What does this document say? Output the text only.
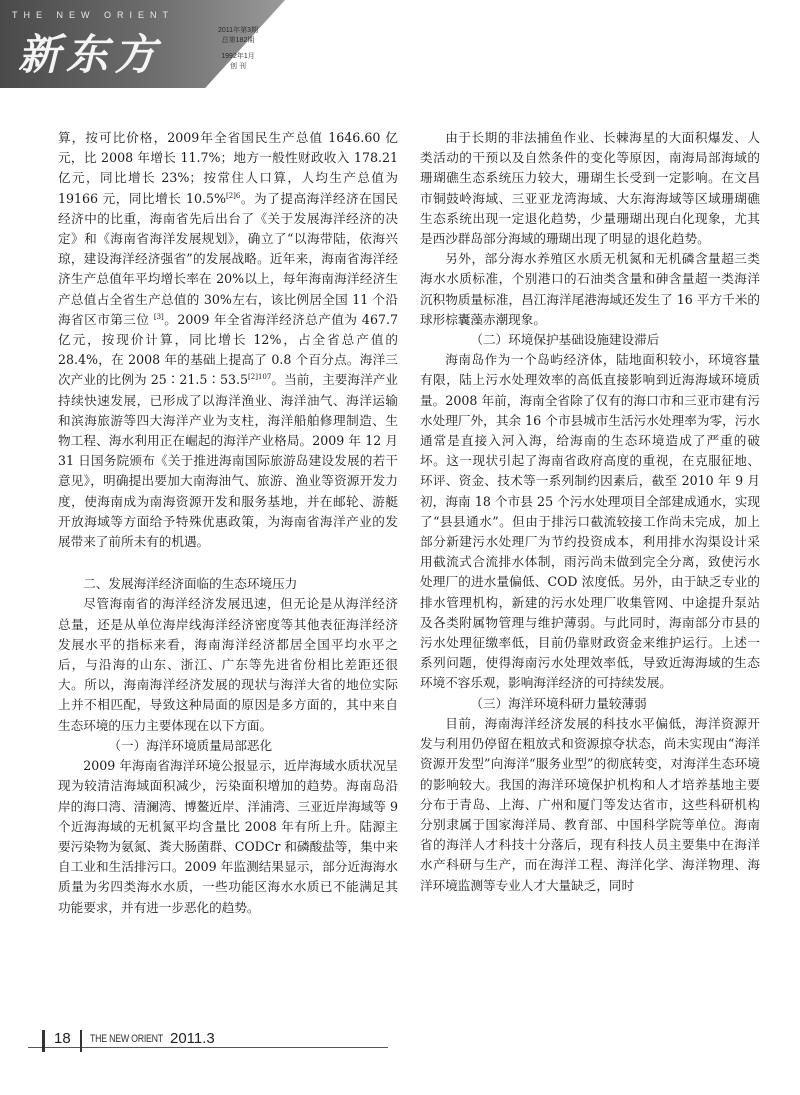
THE NEW ORIENT
新东方	2011年第3期
总第182期
1992年1月
创 刊

算，按可比价格，2009年全省国民生产总值 1646.60 亿元，比 2008 年增长 11.7%；地方一般性财政收入 178.21 亿元，同比增长 23%；按常住人口算，人均生产总值为 19166 元，同比增长 10.5%$^{[2]6}$。为了提高海洋经济在国民经济中的比重，海南省先后出台了《关于发展海洋经济的决定》和《海南省海洋发展规划》，确立了“以海带陆，依海兴琼，建设海洋经济强省”的发展战略。近年来，海南省海洋经济生产总值年平均增长率在 20%以上，每年海南海洋经济生产总值占全省生产总值的 30%左右，该比例居全国 11 个沿海省区市第三位 [3]。2009 年全省海洋经济总产值为 467.7 亿元，按现价计算，同比增长 12%，占全省总产值的 28.4%，在 2008 年的基础上提高了 0.8 个百分点。海洋三次产业的比例为 $25∶21.5∶53.5^{[2]107}$。当前，主要海洋产业持续快速发展，已形成了以海洋渔业、海洋油气、海洋运输和滨海旅游等四大海洋产业为支柱，海洋船舶修理制造、生物工程、海水利用正在崛起的海洋产业格局。2009 年 12 月 31 日国务院颁布《关于推进海南国际旅游岛建设发展的若干意见》，明确提出要加大南海油气、旅游、渔业等资源开发力度，使海南成为南海资源开发和服务基地，并在邮轮、游艇开放海域等方面给予特殊优惠政策，为海南省海洋产业的发展带来了前所未有的机遇。

二、发展海洋经济面临的生态环境压力

尽管海南省的海洋经济发展迅速，但无论是从海洋经济总量，还是从单位海岸线海洋经济密度等其他表征海洋经济发展水平的指标来看，海南海洋经济都居全国平均水平之后，与沿海的山东、浙江、广东等先进省份相比差距还很大。所以，海南海洋经济发展的现状与海洋大省的地位实际上并不相匹配，导致这种局面的原因是多方面的，其中来自生态环境的压力主要体现在以下方面。

（一）海洋环境质量局部恶化

2009 年海南省海洋环境公报显示，近岸海域水质状况呈现为较清洁海域面积减少，污染面积增加的趋势。海南岛沿岸的海口湾、清澜湾、博鳌近岸、洋浦湾、三亚近岸海域等 9 个近海海域的无机氮平均含量比 2008 年有所上升。陆源主要污染物为氨氮、粪大肠菌群、CODCr 和磷酸盐等，集中来自工业和生活排污口。2009 年监测结果显示，部分近海海水质量为劣四类海水水质，一些功能区海水水质已不能满足其功能要求，并有进一步恶化的趋势。

由于长期的非法捕鱼作业、长棘海星的大面积爆发、人类活动的干预以及自然条件的变化等原因，南海局部海域的珊瑚礁生态系统压力较大，珊瑚生长受到一定影响。在文昌市铜鼓岭海域、三亚亚龙湾海域、大东海海域等区域珊瑚礁生态系统出现一定退化趋势，少量珊瑚出现白化现象，尤其是西沙群岛部分海域的珊瑚出现了明显的退化趋势。

另外，部分海水养殖区水质无机氮和无机磷含量超三类海水水质标准，个别港口的石油类含量和砷含量超一类海洋沉积物质量标准，昌江海洋尾港海域还发生了 16 平方千米的球形棕囊藻赤潮现象。

（二）环境保护基础设施建设滞后

海南岛作为一个岛屿经济体，陆地面积较小，环境容量有限，陆上污水处理效率的高低直接影响到近海海域环境质量。2008 年前，海南全省除了仅有的海口市和三亚市建有污水处理厂外，其余 16 个市县城市生活污水处理率为零，污水通常是直接入河入海，给海南的生态环境造成了严重的破坏。这一现状引起了海南省政府高度的重视，在克服征地、环评、资金、技术等一系列制约因素后，截至 2010 年 9 月初，海南 18 个市县 25 个污水处理项目全部建成通水，实现了“县县通水”。但由于排污口截流较接工作尚未完成，加上部分新建污水处理厂为节约投资成本，利用排水沟渠设计采用截流式合流排水体制，雨污尚未做到完全分离，致使污水处理厂的进水量偏低、COD 浓度低。另外，由于缺乏专业的排水管理机构，新建的污水处理厂收集管网、中途提升泵站及各类附属物管理与维护薄弱。与此同时，海南部分市县的污水处理征缴率低，目前仍靠财政资金来维护运行。上述一系列问题，使得海南污水处理效率低，导致近海海域的生态环境不容乐观，影响海洋经济的可持续发展。

（三）海洋环境科研力量较薄弱

目前，海南海洋经济发展的科技水平偏低，海洋资源开发与利用仍停留在粗放式和资源掠夺状态，尚未实现由“海洋资源开发型”向海洋“服务业型”的彻底转变，对海洋生态环境的影响较大。我国的海洋环境保护机构和人才培养基地主要分布于青岛、上海、广州和厦门等发达省市，这些科研机构分别隶属于国家海洋局、教育部、中国科学院等单位。海南省的海洋人才科技十分落后，现有科技人员主要集中在海洋水产科研与生产，而在海洋工程、海洋化学、海洋物理、海洋环境监测等专业人才大量缺乏，同时

18 THE NEW ORIENT 2011.3
